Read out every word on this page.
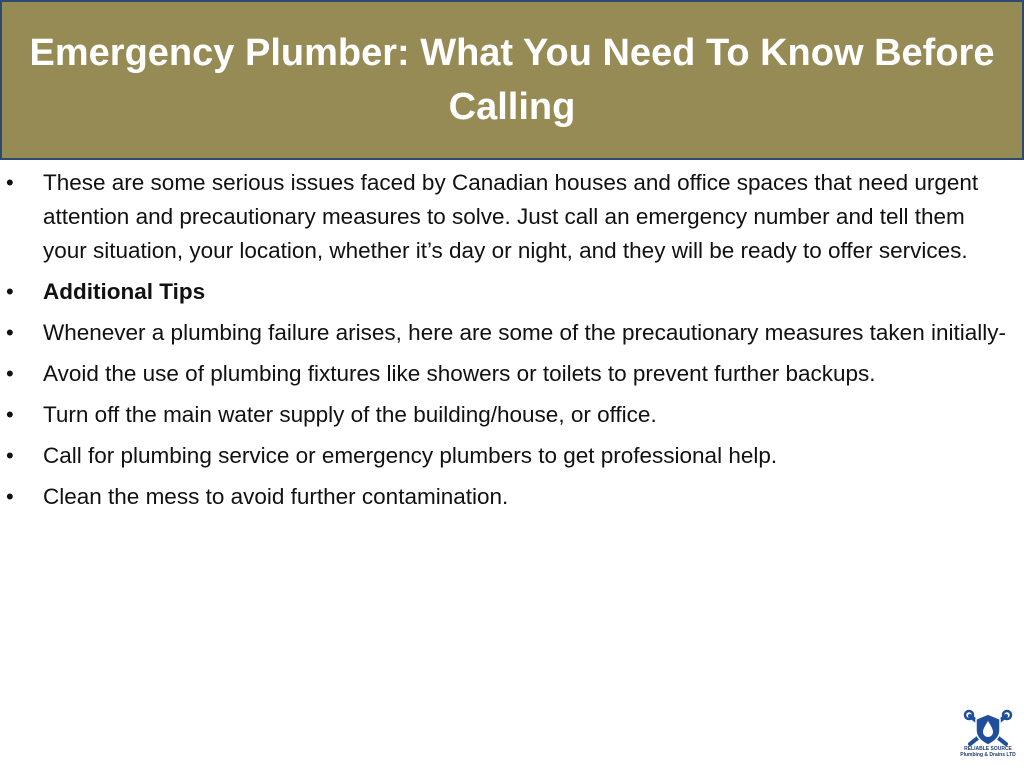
Emergency Plumber: What You Need To Know Before Calling
• These are some serious issues faced by Canadian houses and office spaces that need urgent attention and precautionary measures to solve. Just call an emergency number and tell them your situation, your location, whether it’s day or night, and they will be ready to offer services.
• Additional Tips
• Whenever a plumbing failure arises, here are some of the precautionary measures taken initially-
• Avoid the use of plumbing fixtures like showers or toilets to prevent further backups.
• Turn off the main water supply of the building/house, or office.
• Call for plumbing service or emergency plumbers to get professional help.
• Clean the mess to avoid further contamination.
RELIABLE SOURCE
Plumbing & Drains LTD
